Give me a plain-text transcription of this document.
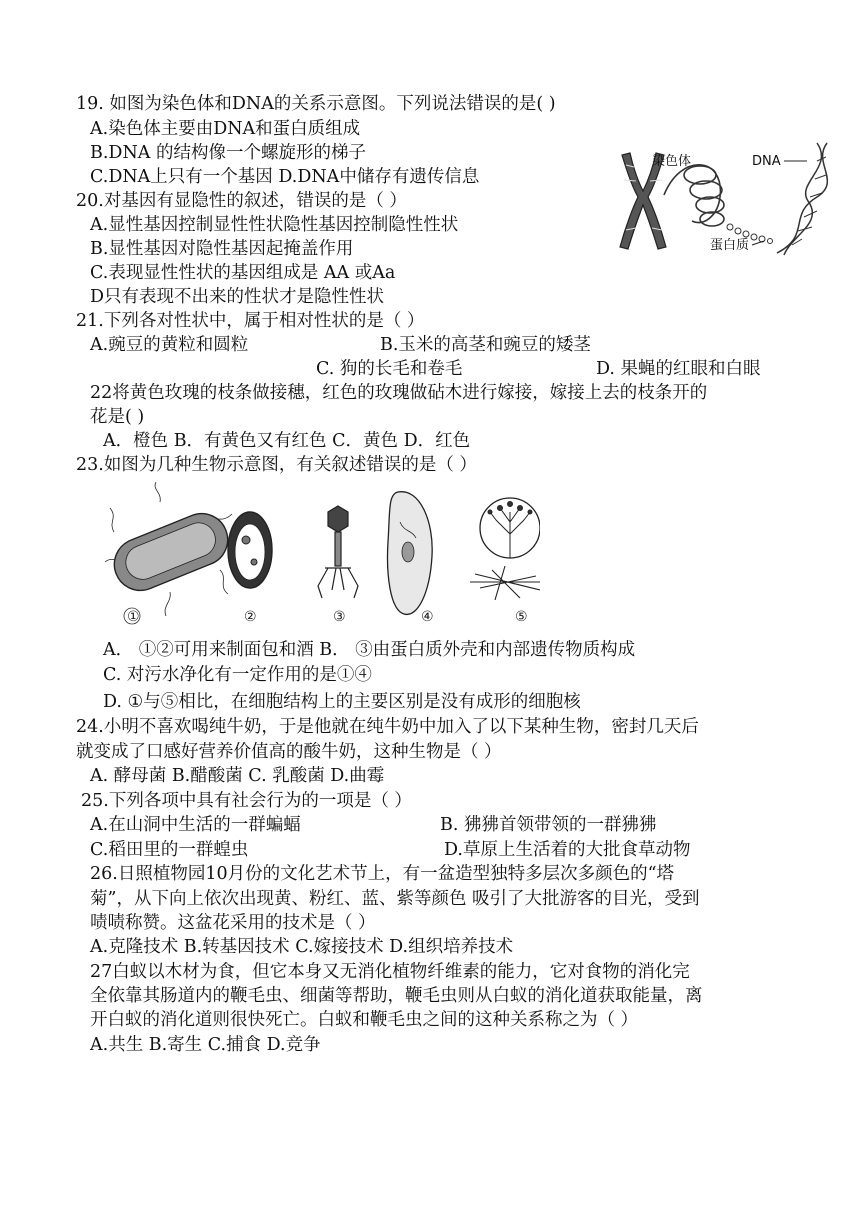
19. 如图为染色体和DNA的关系示意图。下列说法错误的是( )
A.染色体主要由DNA和蛋白质组成
B.DNA 的结构像一个螺旋形的梯子
C.DNA上只有一个基因 D.DNA中储存有遗传信息
染色体	DNA
蛋白质
20.对基因有显隐性的叙述，错误的是（ ）
A.显性基因控制显性性状隐性基因控制隐性性状
B.显性基因对隐性基因起掩盖作用
C.表现显性性状的基因组成是 AA 或Aa
D只有表现不出来的性状才是隐性性状
21.下列各对性状中，属于相对性状的是（ ）
A.豌豆的黄粒和圆粒	B.玉米的高茎和豌豆的矮茎
C. 狗的长毛和卷毛	D. 果蝇的红眼和白眼
22将黄色玫瑰的枝条做接穗，红色的玫瑰做砧木进行嫁接，嫁接上去的枝条开的
花是( )
A．橙色 B．有黄色又有红色 C．黄色 D．红色
23.如图为几种生物示意图，有关叙述错误的是（ ）
①	②	③	④	⑤
A． ①②可用来制面包和酒 B． ③由蛋白质外壳和内部遗传物质构成
C. 对污水净化有一定作用的是①④
D. ①与⑤相比，在细胞结构上的主要区别是没有成形的细胞核
24.小明不喜欢喝纯牛奶，于是他就在纯牛奶中加入了以下某种生物，密封几天后
就变成了口感好营养价值高的酸牛奶，这种生物是（ ）
A. 酵母菌 B.醋酸菌 C. 乳酸菌 D.曲霉
25.下列各项中具有社会行为的一项是（ ）
A.在山洞中生活的一群蝙蝠	B. 狒狒首领带领的一群狒狒
C.稻田里的一群蝗虫	D.草原上生活着的大批食草动物
26.日照植物园10月份的文化艺术节上，有一盆造型独特多层次多颜色的“塔
菊”，从下向上依次出现黄、粉红、蓝、紫等颜色 吸引了大批游客的目光，受到
啧啧称赞。这盆花采用的技术是（ ）
A.克隆技术 B.转基因技术 C.嫁接技术 D.组织培养技术
27白蚁以木材为食，但它本身又无消化植物纤维素的能力，它对食物的消化完
全依靠其肠道内的鞭毛虫、细菌等帮助，鞭毛虫则从白蚁的消化道获取能量，离
开白蚁的消化道则很快死亡。白蚁和鞭毛虫之间的这种关系称之为（ ）
A.共生 B.寄生 C.捕食 D.竞争
